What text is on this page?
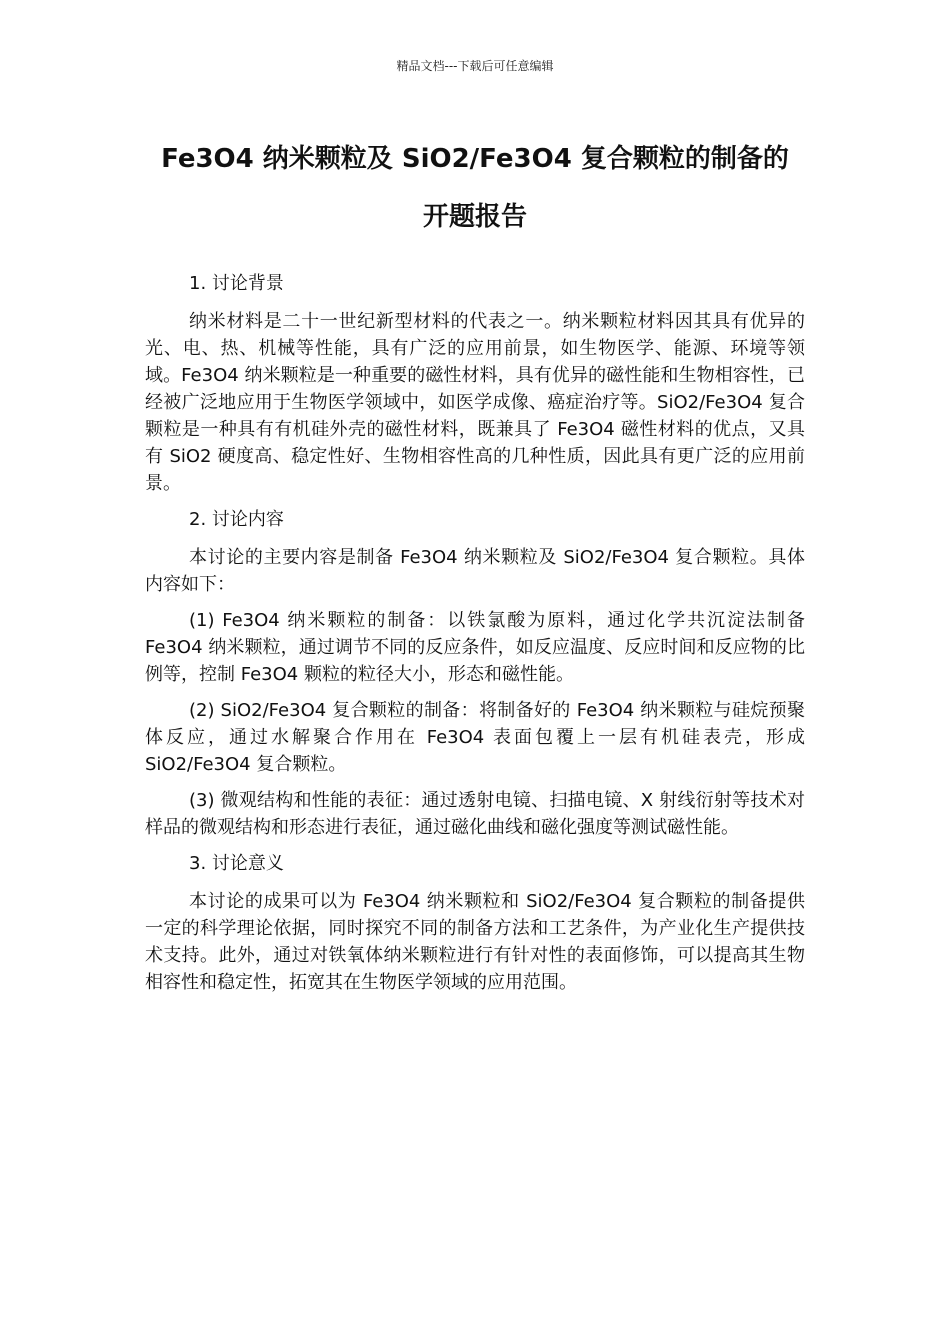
精品文档---下载后可任意编辑
Fe3O4 纳米颗粒及 SiO2/Fe3O4 复合颗粒的制备的
开题报告

1. 讨论背景

纳米材料是二十一世纪新型材料的代表之一。纳米颗粒材料因其具有优异的光、电、热、机械等性能，具有广泛的应用前景，如生物医学、能源、环境等领域。Fe3O4 纳米颗粒是一种重要的磁性材料，具有优异的磁性能和生物相容性，已经被广泛地应用于生物医学领域中，如医学成像、癌症治疗等。SiO2/Fe3O4 复合颗粒是一种具有有机硅外壳的磁性材料，既兼具了 Fe3O4 磁性材料的优点，又具有 SiO2 硬度高、稳定性好、生物相容性高的几种性质，因此具有更广泛的应用前景。

2. 讨论内容

本讨论的主要内容是制备 Fe3O4 纳米颗粒及 SiO2/Fe3O4 复合颗粒。具体内容如下：

(1) Fe3O4 纳米颗粒的制备：以铁氯酸为原料，通过化学共沉淀法制备 Fe3O4 纳米颗粒，通过调节不同的反应条件，如反应温度、反应时间和反应物的比例等，控制 Fe3O4 颗粒的粒径大小，形态和磁性能。

(2) SiO2/Fe3O4 复合颗粒的制备：将制备好的 Fe3O4 纳米颗粒与硅烷预聚体反应，通过水解聚合作用在 Fe3O4 表面包覆上一层有机硅表壳，形成 SiO2/Fe3O4 复合颗粒。

(3) 微观结构和性能的表征：通过透射电镜、扫描电镜、X 射线衍射等技术对样品的微观结构和形态进行表征，通过磁化曲线和磁化强度等测试磁性能。

3. 讨论意义

本讨论的成果可以为 Fe3O4 纳米颗粒和 SiO2/Fe3O4 复合颗粒的制备提供一定的科学理论依据，同时探究不同的制备方法和工艺条件，为产业化生产提供技术支持。此外，通过对铁氧体纳米颗粒进行有针对性的表面修饰，可以提高其生物相容性和稳定性，拓宽其在生物医学领域的应用范围。
